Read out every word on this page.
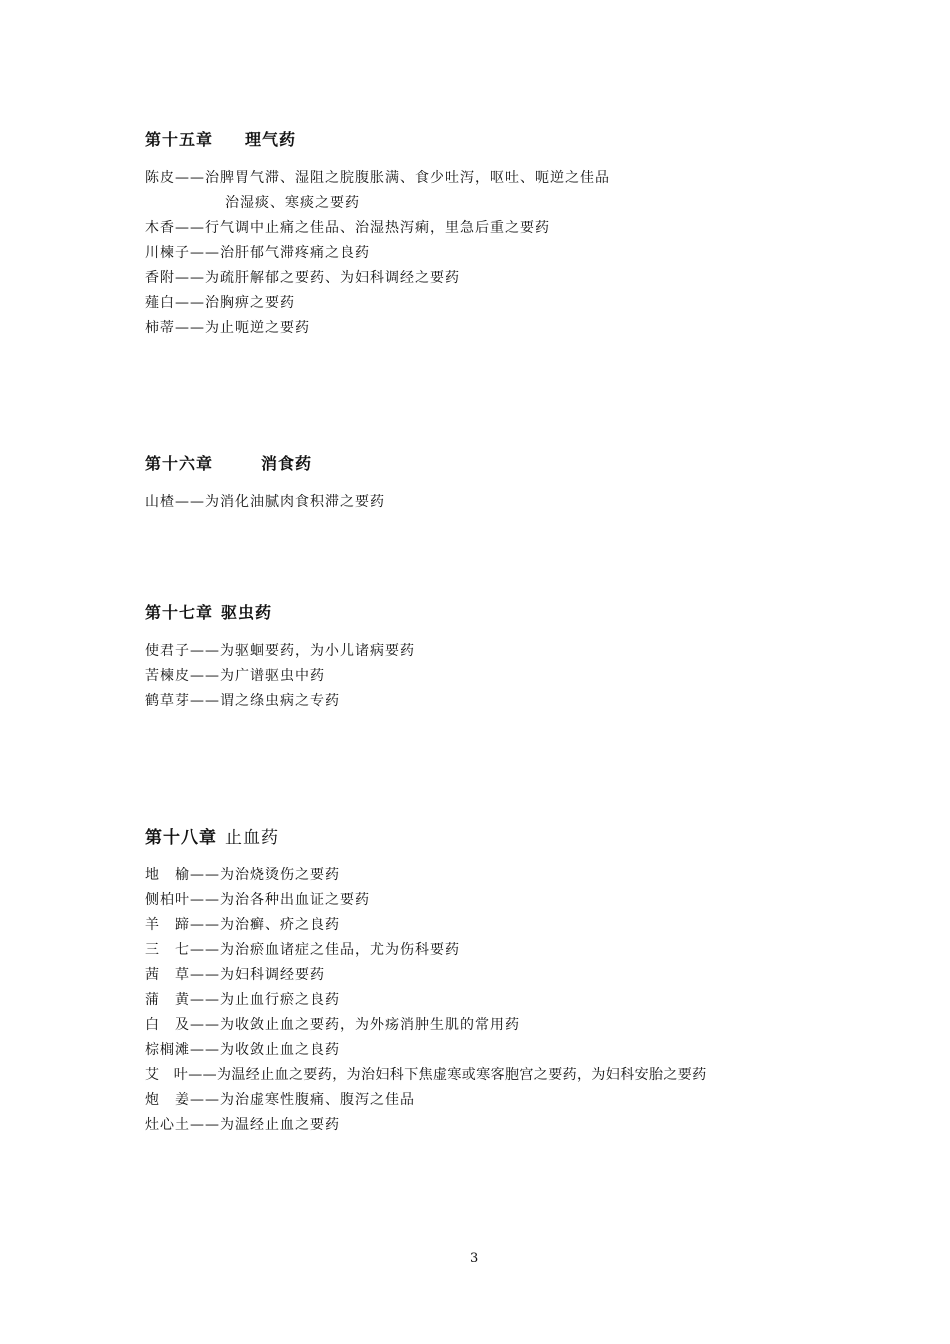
第十五章 理气药
陈皮——治脾胃气滞、湿阻之脘腹胀满、食少吐泻，呕吐、呃逆之佳品
治湿痰、寒痰之要药
木香——行气调中止痛之佳品、治湿热泻痢，里急后重之要药
川楝子——治肝郁气滞疼痛之良药
香附——为疏肝解郁之要药、为妇科调经之要药
薤白——治胸痹之要药
柿蒂——为止呃逆之要药
第十六章	消食药
山楂——为消化油腻肉食积滞之要药
第十七章 驱虫药
使君子——为驱蛔要药，为小儿诸病要药
苦楝皮——为广谱驱虫中药
鹤草芽——谓之绦虫病之专药
第十八章 止血药
地　榆——为治烧烫伤之要药
侧柏叶——为治各种出血证之要药
羊　蹄——为治癣、疥之良药
三　七——为治瘀血诸症之佳品，尤为伤科要药
茜　草——为妇科调经要药
蒲　黄——为止血行瘀之良药
白　及——为收敛止血之要药，为外疡消肿生肌的常用药
棕榈滩——为收敛止血之良药
艾　叶——为温经止血之要药，为治妇科下焦虚寒或寒客胞宫之要药，为妇科安胎之要药
炮　姜——为治虚寒性腹痛、腹泻之佳品
灶心土——为温经止血之要药
3
